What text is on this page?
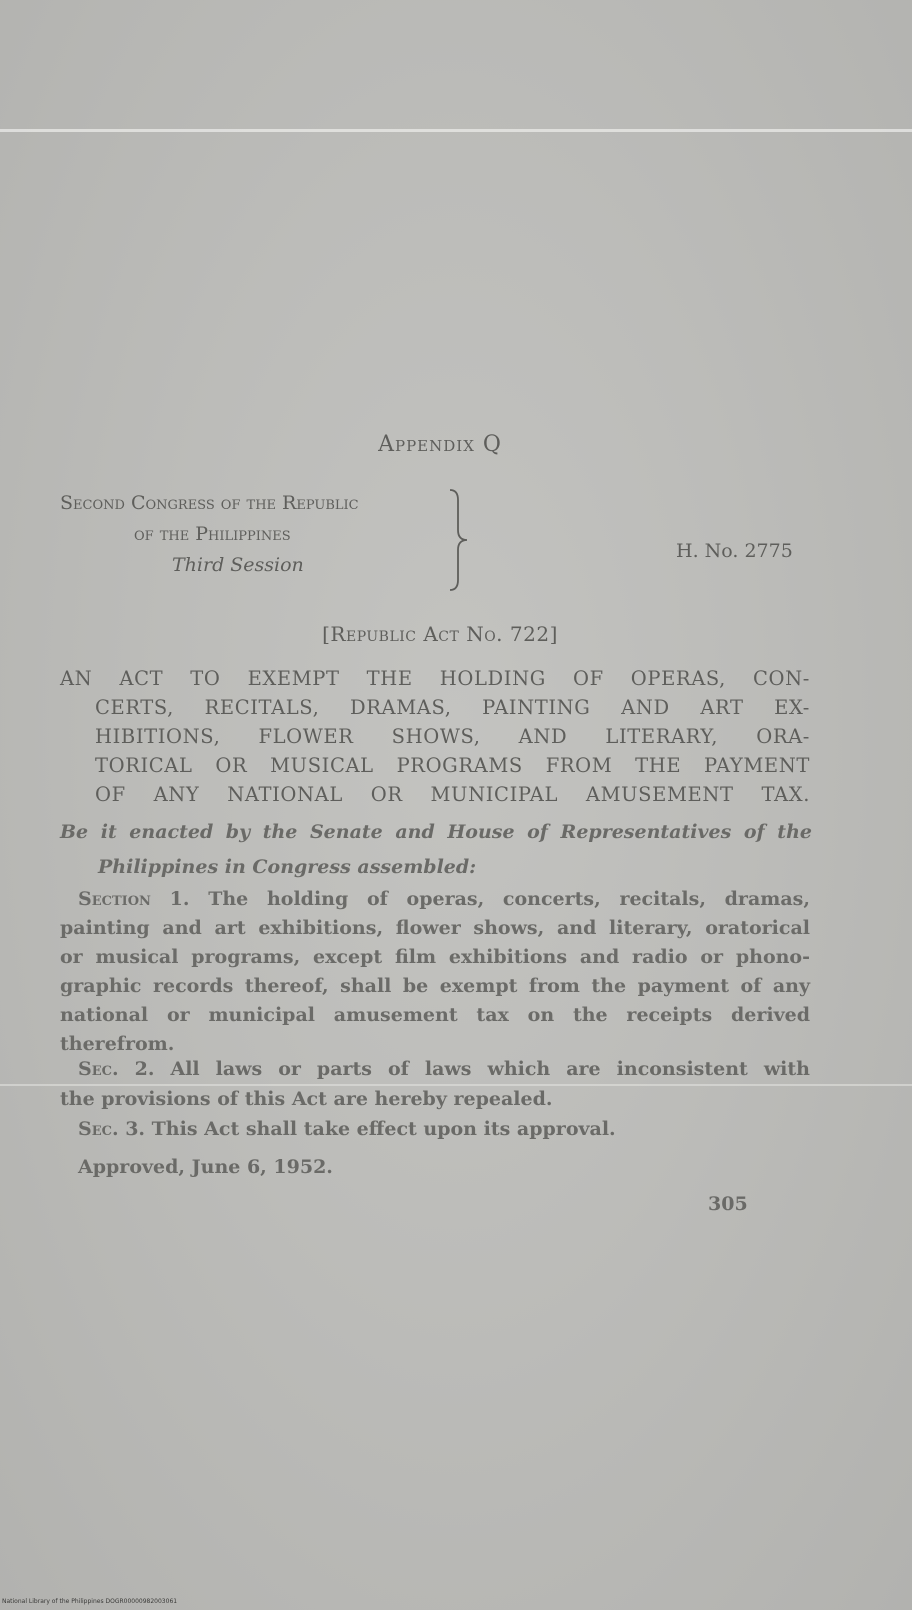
Appendix Q
Second Congress of the Republic
of the Philippines
Third Session
H. No. 2775
[Republic Act No. 722]
AN ACT TO EXEMPT THE HOLDING OF OPERAS, CON-
CERTS, RECITALS, DRAMAS, PAINTING AND ART EX-
HIBITIONS, FLOWER SHOWS, AND LITERARY, ORA-
TORICAL OR MUSICAL PROGRAMS FROM THE PAYMENT
OF ANY NATIONAL OR MUNICIPAL AMUSEMENT TAX.
Be it enacted by the Senate and House of Representatives of the
Philippines in Congress assembled:
Section 1. The holding of operas, concerts, recitals, dramas,
painting and art exhibitions, flower shows, and literary, oratorical
or musical programs, except film exhibitions and radio or phono-
graphic records thereof, shall be exempt from the payment of any
national or municipal amusement tax on the receipts derived
therefrom.
Sec. 2. All laws or parts of laws which are inconsistent with
the provisions of this Act are hereby repealed.
Sec. 3. This Act shall take effect upon its approval.
Approved, June 6, 1952.
305
National Library of the Philippines DOGR00000982003061
